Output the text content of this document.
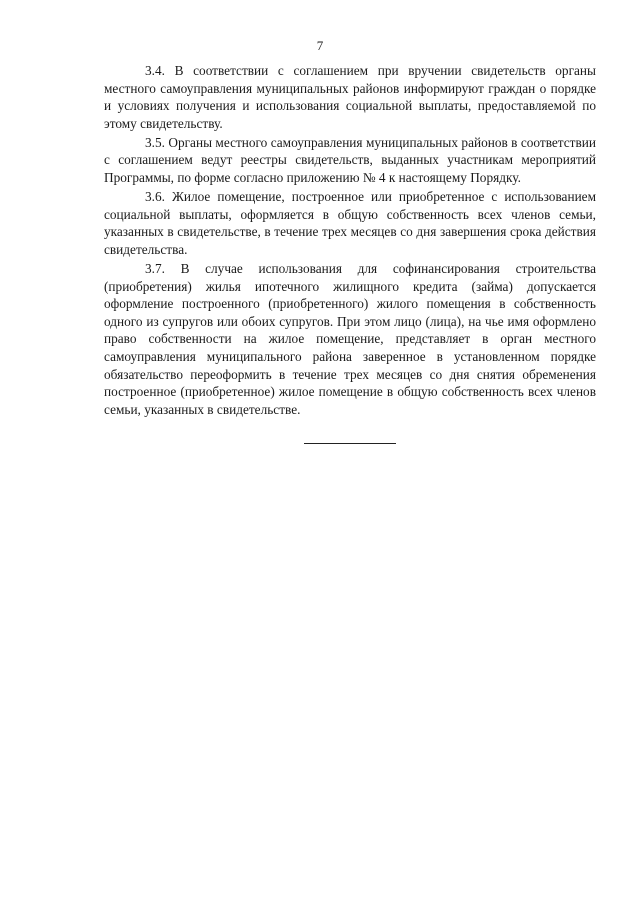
7

3.4. В соответствии с соглашением при вручении свидетельств органы местного самоуправления муниципальных районов информируют граждан о порядке и условиях получения и использования социальной выплаты, предоставляемой по этому свидетельству.

3.5. Органы местного самоуправления муниципальных районов в соответствии с соглашением ведут реестры свидетельств, выданных участникам мероприятий Программы, по форме согласно приложению № 4 к настоящему Порядку.

3.6. Жилое помещение, построенное или приобретенное с использованием социальной выплаты, оформляется в общую собственность всех членов семьи, указанных в свидетельстве, в течение трех месяцев со дня завершения срока действия свидетельства.

3.7. В случае использования для софинансирования строительства (приобретения) жилья ипотечного жилищного кредита (займа) допускается оформление построенного (приобретенного) жилого помещения в собственность одного из супругов или обоих супругов. При этом лицо (лица), на чье имя оформлено право собственности на жилое помещение, представляет в орган местного самоуправления муниципального района заверенное в установленном порядке обязательство переоформить в течение трех месяцев со дня снятия обременения построенное (приобретенное) жилое помещение в общую собственность всех членов семьи, указанных в свидетельстве.
